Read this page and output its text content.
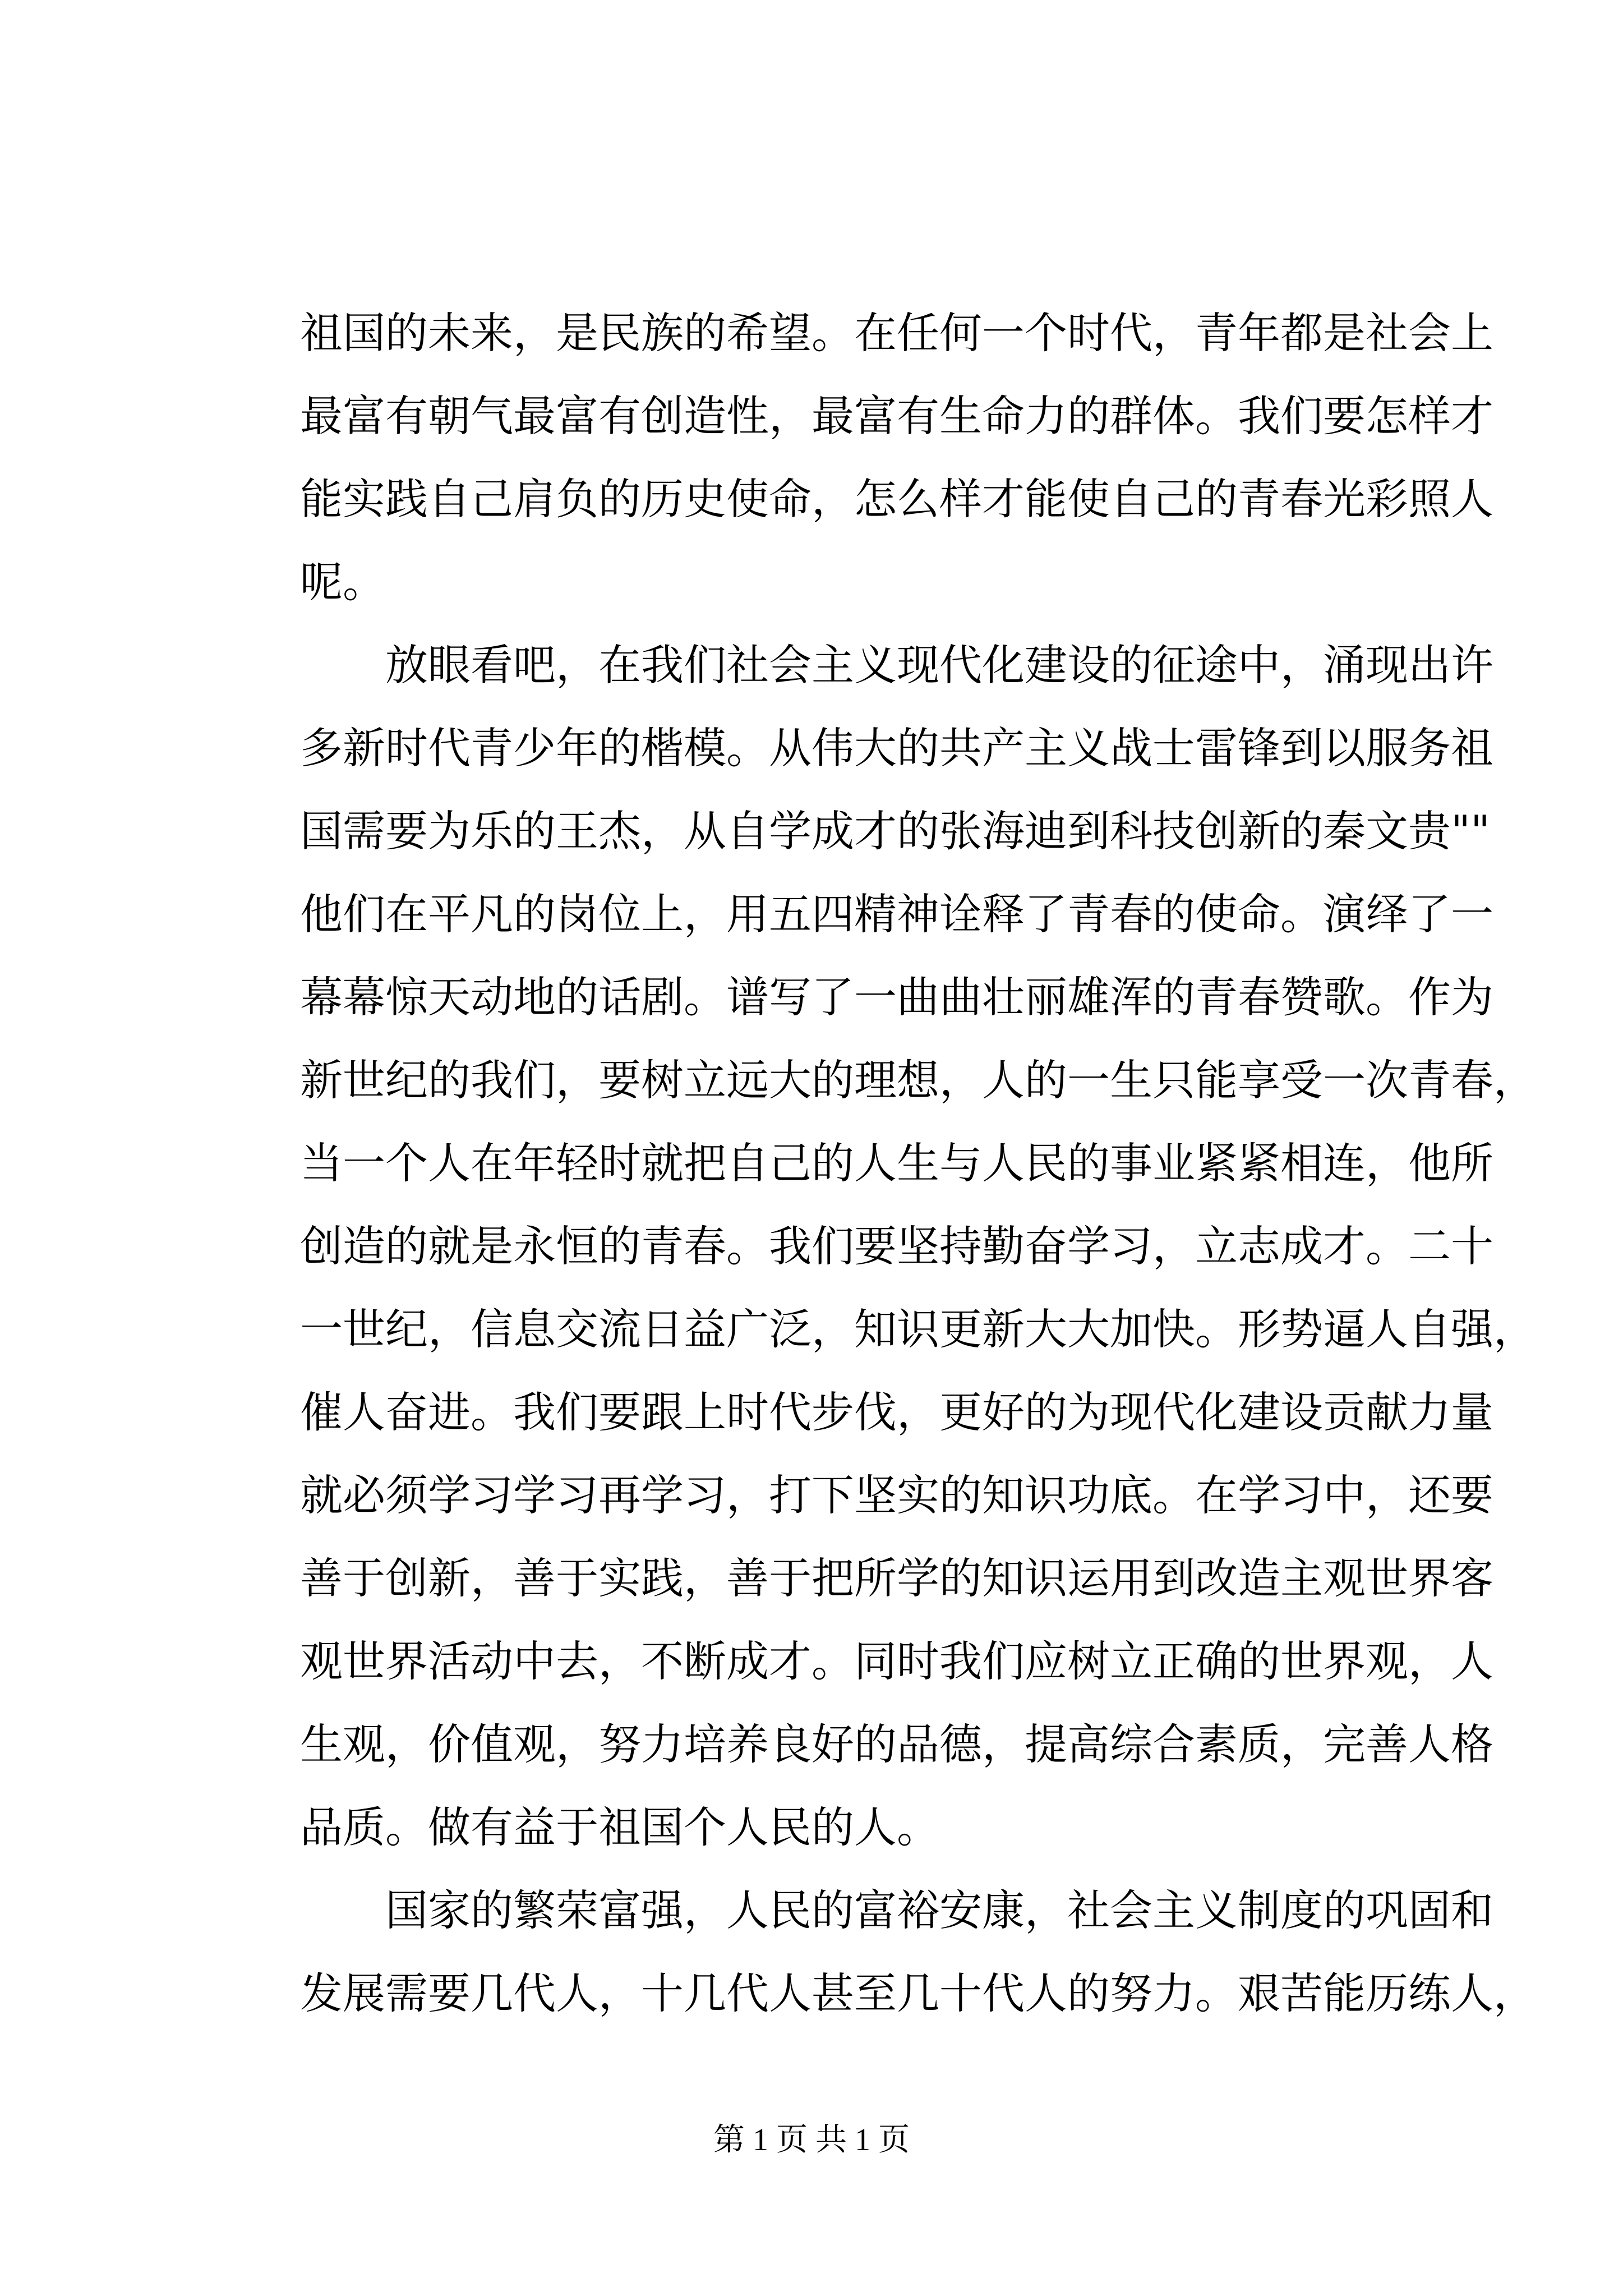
祖国的未来，是民族的希望。在任何一个时代，青年都是社会上
最富有朝气最富有创造性，最富有生命力的群体。我们要怎样才
能实践自己肩负的历史使命，怎么样才能使自己的青春光彩照人
呢。
放眼看吧，在我们社会主义现代化建设的征途中，涌现出许
多新时代青少年的楷模。从伟大的共产主义战士雷锋到以服务祖
国需要为乐的王杰，从自学成才的张海迪到科技创新的秦文贵""
他们在平凡的岗位上，用五四精神诠释了青春的使命。演绎了一
幕幕惊天动地的话剧。谱写了一曲曲壮丽雄浑的青春赞歌。作为
新世纪的我们，要树立远大的理想，人的一生只能享受一次青春，
当一个人在年轻时就把自己的人生与人民的事业紧紧相连，他所
创造的就是永恒的青春。我们要坚持勤奋学习，立志成才。二十
一世纪，信息交流日益广泛，知识更新大大加快。形势逼人自强，
催人奋进。我们要跟上时代步伐，更好的为现代化建设贡献力量
就必须学习学习再学习，打下坚实的知识功底。在学习中，还要
善于创新，善于实践，善于把所学的知识运用到改造主观世界客
观世界活动中去，不断成才。同时我们应树立正确的世界观，人
生观，价值观，努力培养良好的品德，提高综合素质，完善人格
品质。做有益于祖国个人民的人。
国家的繁荣富强，人民的富裕安康，社会主义制度的巩固和
发展需要几代人，十几代人甚至几十代人的努力。艰苦能历练人，
第 1 页 共 1 页
